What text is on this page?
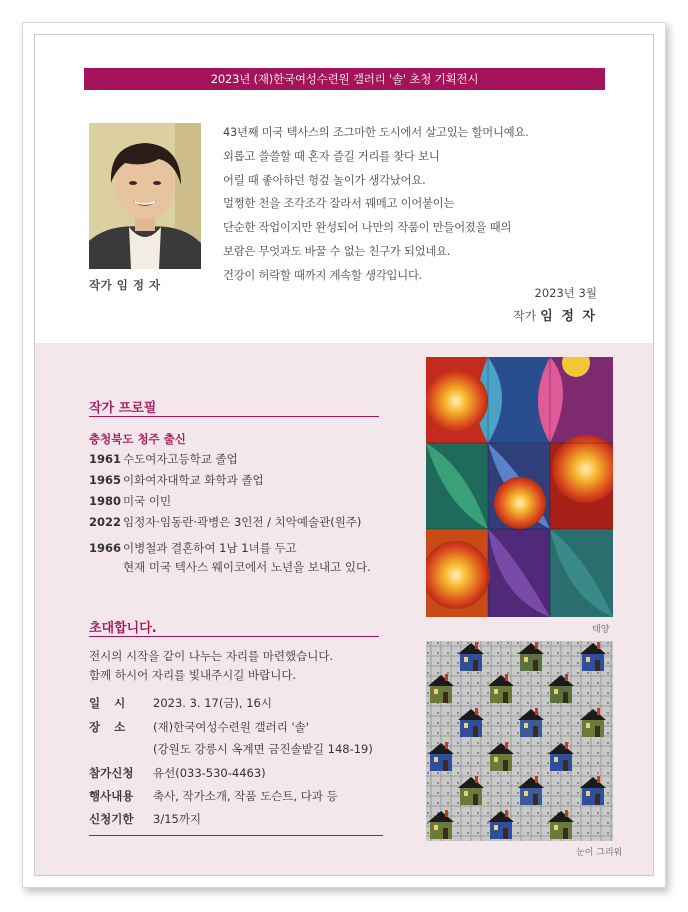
2023년 (재)한국여성수련원 갤러리 '솔' 초청 기획전시
작가 임 정 자
43년째 미국 텍사스의 조그마한 도시에서 살고있는 할머니예요.
외롭고 쓸쓸할 때 혼자 즐길 거리를 찾다 보니
어릴 때 좋아하던 헝겊 놀이가 생각났어요.
멀쩡한 천을 조각조각 잘라서 꿰메고 이어붙이는
단순한 작업이지만 완성되어 나만의 작품이 만들어졌을 때의
보람은 무엇과도 바꿀 수 없는 친구가 되었네요.
건강이 허락할 때까지 계속할 생각입니다.
2023년 3월
작가 임 정 자
작가 프로필
충청북도 청주 출신
1961 수도여자고등학교 졸업
1965 이화여자대학교 화학과 졸업
1980 미국 이민
2022 임정자·임동란·곽병은 3인전 / 치악예술관(원주)
1966 이병철과 결혼하여 1남 1녀를 두고
현재 미국 텍사스 웨이코에서 노년을 보내고 있다.
초대합니다.
전시의 시작을 같이 나누는 자리를 마련했습니다.
함께 하시어 자리를 빛내주시길 바랍니다.
일시 2023. 3. 17(금), 16시
장소 (재)한국여성수련원 갤러리 '솔'
(강원도 강릉시 옥계면 금진솔밭길 148-19)
참가신청 유선(033-530-4463)
행사내용 축사, 작가소개, 작품 도슨트, 다과 등
신청기한 3/15까지
태양
눈이 그리워
